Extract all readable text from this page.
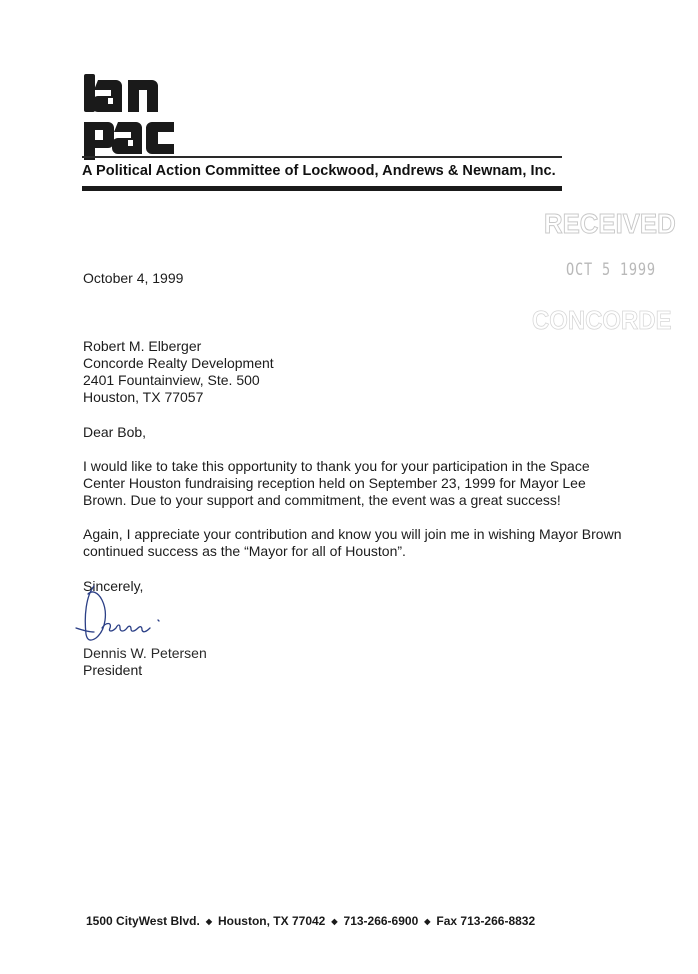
A Political Action Committee of Lockwood, Andrews & Newnam, Inc.
RECEIVED
OCT 5 1999
CONCORDE
October 4, 1999
Robert M. Elberger
Concorde Realty Development
2401 Fountainview, Ste. 500
Houston, TX 77057
Dear Bob,
I would like to take this opportunity to thank you for your participation in the Space
Center Houston fundraising reception held on September 23, 1999 for Mayor Lee
Brown. Due to your support and commitment, the event was a great success!
Again, I appreciate your contribution and know you will join me in wishing Mayor Brown
continued success as the “Mayor for all of Houston”.
Sincerely,
Dennis W. Petersen
President
1500 CityWest Blvd. ◆ Houston, TX 77042 ◆ 713-266-6900 ◆ Fax 713-266-8832
